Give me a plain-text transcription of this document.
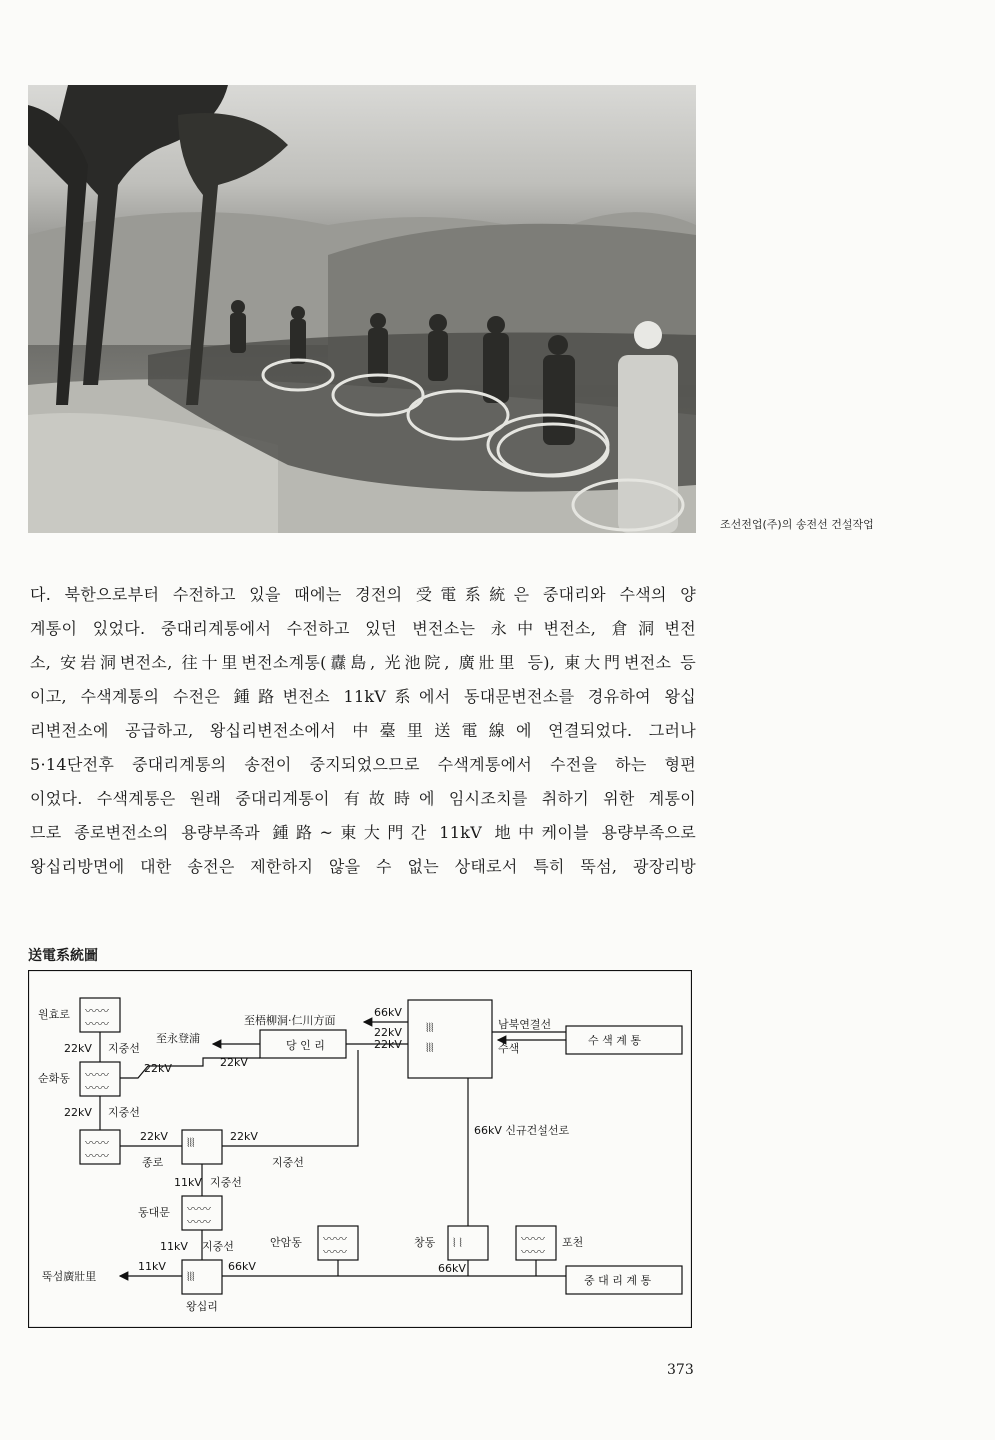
조선전업(주)의 송전선 건설작업
다. 북한으로부터 수전하고 있을 때에는 경전의 受電系統은 중대리와 수색의 양
계통이 있었다. 중대리계통에서 수전하고 있던 변전소는 永中변전소, 倉洞변전
소, 安岩洞변전소, 往十里변전소계통(纛島, 光池院, 廣壯里 등), 東大門변전소 등
이고, 수색계통의 수전은 鍾路변전소 11kV系에서 동대문변전소를 경유하여 왕십
리변전소에 공급하고, 왕십리변전소에서 中臺里送電線에 연결되었다. 그러나
5·14단전후 중대리계통의 송전이 중지되었으므로 수색계통에서 수전을 하는 형편
이었다. 수색계통은 원래 중대리계통이 有故時에 임시조치를 취하기 위한 계통이
므로 종로변전소의 용량부족과 鍾路~東大門간 11kV 地中케이블 용량부족으로
왕십리방면에 대한 송전은 제한하지 않을 수 없는 상태로서 특히 뚝섬, 광장리방
送電系統圖
〰〰
〰〰
〰〰
〰〰
〰〰
〰〰
⦚⦚⦚
〰〰
〰〰
⦚⦚⦚
〰〰
〰〰
⦚ ⦚	〰〰
〰〰
⦚⦚⦚
⦚⦚⦚
원효로
순화동
22kV 지중선
22kV 지중선
至永登浦
22kV	22kV
至梧柳洞·仁川方面
당 인 리
66kV
22kV
22kV
22kV
종로
22kV
지중선
11kV 지중선
동대문
11kV 지중선
11kV
뚝섬廣壯里
66kV
왕십리
안암동	창동
66kV
포천
중 대 리 계 통
수 색 계 통
남북연결선
수색
66kV 신규건설선로
373
